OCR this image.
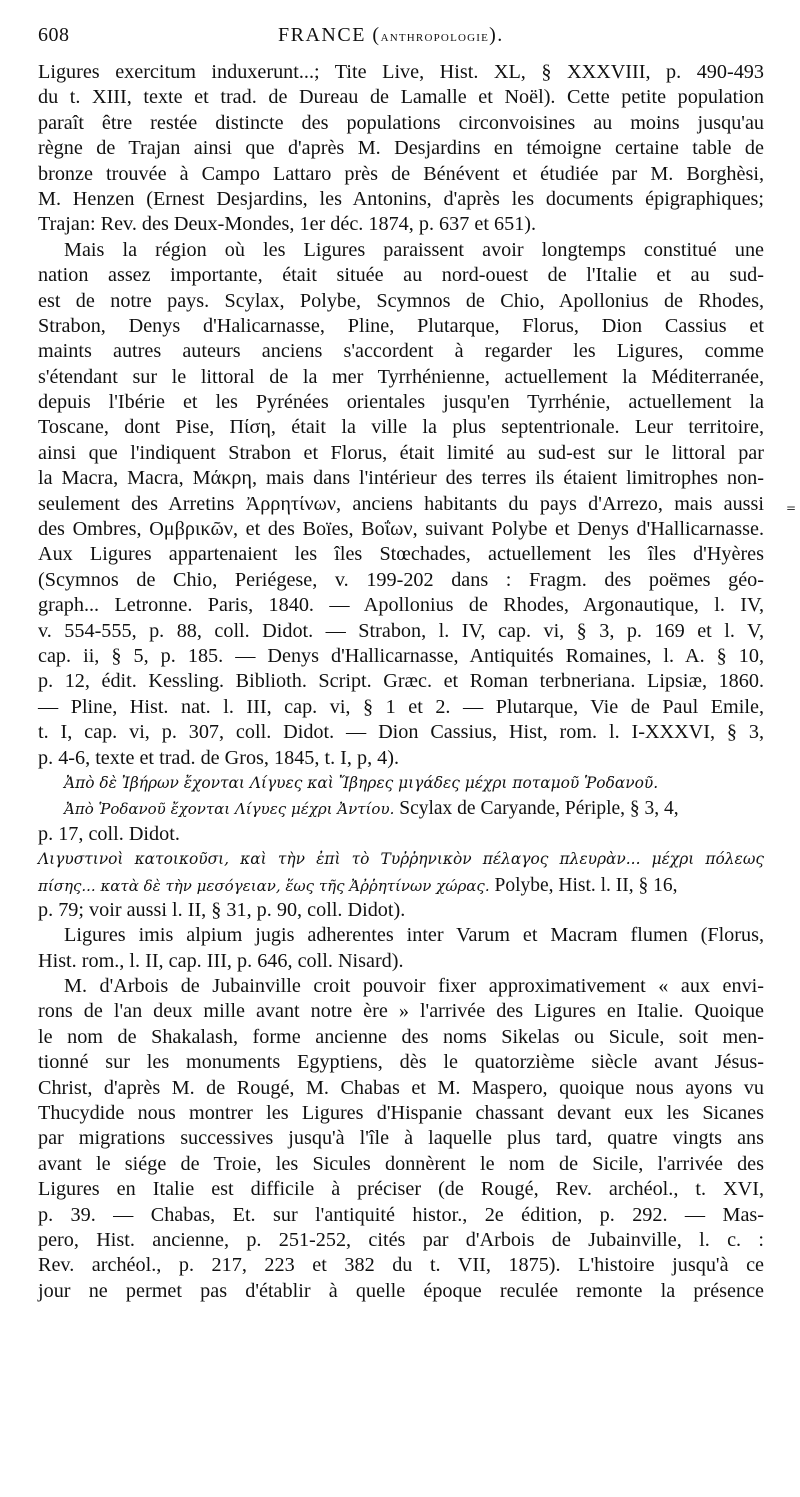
608	FRANCE (anthropologie).
Ligures exercitum induxerunt...; Tite Live, Hist. XL, § XXXVIII, p. 490-493
du t. XIII, texte et trad. de Dureau de Lamalle et Noël). Cette petite population
paraît être restée distincte des populations circonvoisines au moins jusqu'au
règne de Trajan ainsi que d'après M. Desjardins en témoigne certaine table de
bronze trouvée à Campo Lattaro près de Bénévent et étudiée par M. Borghèsi,
M. Henzen (Ernest Desjardins, les Antonins, d'après les documents épigraphiques;
Trajan: Rev. des Deux-Mondes, 1er déc. 1874, p. 637 et 651).
Mais la région où les Ligures paraissent avoir longtemps constitué une
nation assez importante, était située au nord-ouest de l'Italie et au sud-
est de notre pays. Scylax, Polybe, Scymnos de Chio, Apollonius de Rhodes,
Strabon, Denys d'Halicarnasse, Pline, Plutarque, Florus, Dion Cassius et
maints autres auteurs anciens s'accordent à regarder les Ligures, comme
s'étendant sur le littoral de la mer Tyrrhénienne, actuellement la Méditerranée,
depuis l'Ibérie et les Pyrénées orientales jusqu'en Tyrrhénie, actuellement la
Toscane, dont Pise, Πίση, était la ville la plus septentrionale. Leur territoire,
ainsi que l'indiquent Strabon et Florus, était limité au sud-est sur le littoral par
la Macra, Macra, Μάκρη, mais dans l'intérieur des terres ils étaient limitrophes non-
seulement des Arretins Ἀρρητίνων, anciens habitants du pays d'Arrezo, mais aussi
des Ombres, Ομβρικῶν, et des Boïes, Βοΐων, suivant Polybe et Denys d'Hallicarnasse.
Aux Ligures appartenaient les îles Stœchades, actuellement les îles d'Hyères
(Scymnos de Chio, Periégese, v. 199-202 dans : Fragm. des poëmes géo-
graph... Letronne. Paris, 1840. — Apollonius de Rhodes, Argonautique, l. IV,
v. 554-555, p. 88, coll. Didot. — Strabon, l. IV, cap. vi, § 3, p. 169 et l. V,
cap. ii, § 5, p. 185. — Denys d'Hallicarnasse, Antiquités Romaines, l. A. § 10,
p. 12, édit. Kessling. Biblioth. Script. Græc. et Roman terbneriana. Lipsiæ, 1860.
— Pline, Hist. nat. l. III, cap. vi, § 1 et 2. — Plutarque, Vie de Paul Emile,
t. I, cap. vi, p. 307, coll. Didot. — Dion Cassius, Hist, rom. l. I-XXXVI, § 3,
p. 4-6, texte et trad. de Gros, 1845, t. I, p, 4).
Ἀπὸ δὲ Ἰβήρων ἔχονται Λίγυες καὶ Ἴβηρες μιγάδες μέχρι ποταμοῦ Ῥοδανοῦ.
Ἀπὸ Ῥοδανοῦ ἔχονται Λίγυες μέχρι Ἀντίου. Scylax de Caryande, Périple, § 3, 4,
p. 17, coll. Didot.
Λιγυστινοὶ κατοικοῦσι, καὶ τὴν ἐπὶ τὸ Τυῤῥηνικὸν πέλαγος πλευρὰν... μέχρι πόλεως
πίσης... κατὰ δὲ τὴν μεσόγειαν, ἕως τῆς Ἀῤῥητίνων χώρας. Polybe, Hist. l. II, § 16,
p. 79; voir aussi l. II, § 31, p. 90, coll. Didot).
Ligures imis alpium jugis adherentes inter Varum et Macram flumen (Florus,
Hist. rom., l. II, cap. III, p. 646, coll. Nisard).
M. d'Arbois de Jubainville croit pouvoir fixer approximativement « aux envi-
rons de l'an deux mille avant notre ère » l'arrivée des Ligures en Italie. Quoique
le nom de Shakalash, forme ancienne des noms Sikelas ou Sicule, soit men-
tionné sur les monuments Egyptiens, dès le quatorzième siècle avant Jésus-
Christ, d'après M. de Rougé, M. Chabas et M. Maspero, quoique nous ayons vu
Thucydide nous montrer les Ligures d'Hispanie chassant devant eux les Sicanes
par migrations successives jusqu'à l'île à laquelle plus tard, quatre vingts ans
avant le siége de Troie, les Sicules donnèrent le nom de Sicile, l'arrivée des
Ligures en Italie est difficile à préciser (de Rougé, Rev. archéol., t. XVI,
p. 39. — Chabas, Et. sur l'antiquité histor., 2e édition, p. 292. — Mas-
pero, Hist. ancienne, p. 251-252, cités par d'Arbois de Jubainville, l. c. :
Rev. archéol., p. 217, 223 et 382 du t. VII, 1875). L'histoire jusqu'à ce
jour ne permet pas d'établir à quelle époque reculée remonte la présence
=
